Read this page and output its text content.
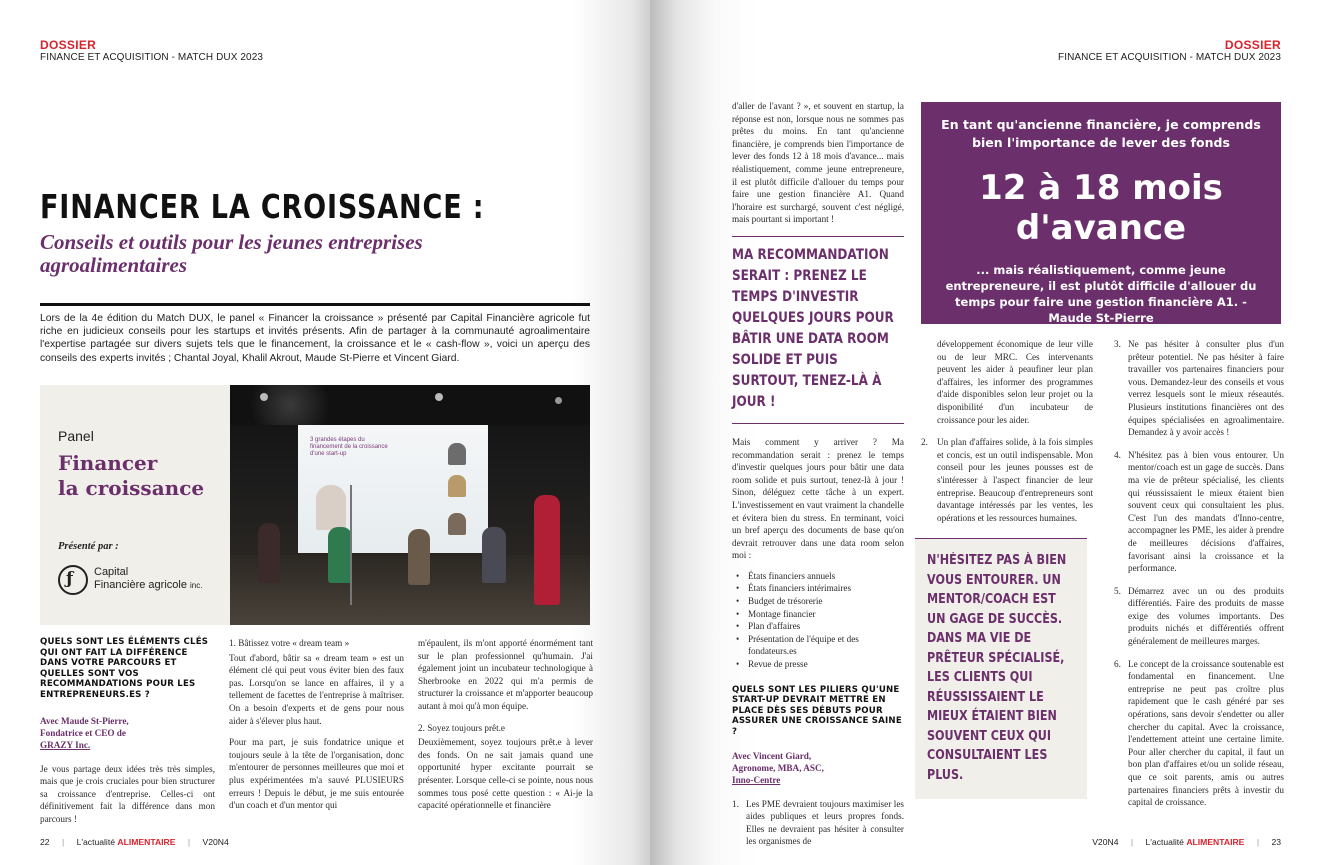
DOSSIER
FINANCE ET ACQUISITION - MATCH DUX 2023
FINANCER LA CROISSANCE :
Conseils et outils pour les jeunes entreprises agroalimentaires
Lors de la 4e édition du Match DUX, le panel « Financer la croissance » présenté par Capital Financière agricole fut riche en judicieux conseils pour les startups et invités présents. Afin de partager à la communauté agroalimentaire l'expertise partagée sur divers sujets tels que le financement, la croissance et le « cash-flow », voici un aperçu des conseils des experts invités ; Chantal Joyal, Khalil Akrout, Maude St-Pierre et Vincent Giard.
Panel
Financer
la croissance
Présenté par :
ƒ Capital
Financière agricole inc.
3 grandes étapes du financement de la croissance d'une start-up
QUELS SONT LES ÉLÉMENTS CLÉS QUI ONT FAIT LA DIFFÉRENCE DANS VOTRE PARCOURS ET QUELLES SONT VOS RECOMMANDATIONS POUR LES ENTREPRENEURS.ES ?
Avec Maude St-Pierre,
Fondatrice et CEO de
GRAZY Inc.
Je vous partage deux idées très très simples, mais que je crois cruciales pour bien structurer sa croissance d'entreprise. Celles-ci ont définitivement fait la différence dans mon parcours !
1. Bâtissez votre « dream team »

Tout d'abord, bâtir sa « dream team » est un élément clé qui peut vous éviter bien des faux pas. Lorsqu'on se lance en affaires, il y a tellement de facettes de l'entreprise à maîtriser. On a besoin d'experts et de gens pour nous aider à s'élever plus haut.

Pour ma part, je suis fondatrice unique et toujours seule à la tête de l'organisation, donc m'entourer de personnes meilleures que moi et plus expérimentées m'a sauvé PLUSIEURS erreurs ! Depuis le début, je me suis entourée d'un coach et d'un mentor qui

m'épaulent, ils m'ont apporté énormément tant sur le plan professionnel qu'humain. J'ai également joint un incubateur technologique à Sherbrooke en 2022 qui m'a permis de structurer la croissance et m'apporter beaucoup autant à moi qu'à mon équipe.

2. Soyez toujours prêt.e

Deuxièmement, soyez toujours prêt.e à lever des fonds. On ne sait jamais quand une opportunité hyper excitante pourrait se présenter. Lorsque celle-ci se pointe, nous nous sommes tous posé cette question : « Ai-je la capacité opérationnelle et financière

22 | L'actualité ALIMENTAIRE | V20N4
DOSSIER
FINANCE ET ACQUISITION - MATCH DUX 2023
d'aller de l'avant ? », et souvent en startup, la réponse est non, lorsque nous ne sommes pas prêtes du moins. En tant qu'ancienne financière, je comprends bien l'importance de lever des fonds 12 à 18 mois d'avance... mais réalistiquement, comme jeune entrepreneure, il est plutôt difficile d'allouer du temps pour faire une gestion financière A1. Quand l'horaire est surchargé, souvent c'est négligé, mais pourtant si important !
MA RECOMMANDATION SERAIT : PRENEZ LE TEMPS D'INVESTIR QUELQUES JOURS POUR BÂTIR UNE DATA ROOM SOLIDE ET PUIS SURTOUT, TENEZ-LÀ À JOUR !
Mais comment y arriver ? Ma recommandation serait : prenez le temps d'investir quelques jours pour bâtir une data room solide et puis surtout, tenez-là à jour ! Sinon, déléguez cette tâche à un expert. L'investissement en vaut vraiment la chandelle et évitera bien du stress. En terminant, voici un bref aperçu des documents de base qu'on devrait retrouver dans une data room selon moi :
• États financiers annuels
• États financiers intérimaires
• Budget de trésorerie
• Montage financier
• Plan d'affaires
• Présentation de l'équipe et des fondateurs.es
• Revue de presse
QUELS SONT LES PILIERS QU'UNE START-UP DEVRAIT METTRE EN PLACE DÈS SES DÉBUTS POUR ASSURER UNE CROISSANCE SAINE ?
Avec Vincent Giard,
Agronome, MBA, ASC,
Inno-Centre
1. Les PME devraient toujours maximiser les aides publiques et leurs propres fonds. Elles ne devraient pas hésiter à consulter les organismes de
En tant qu'ancienne financière, je comprends bien l'importance de lever des fonds
12 à 18 mois
d'avance
... mais réalistiquement, comme jeune entrepreneure, il est plutôt difficile d'allouer du temps pour faire une gestion financière A1. - Maude St-Pierre
développement économique de leur ville ou de leur MRC. Ces intervenants peuvent les aider à peaufiner leur plan d'affaires, les informer des programmes d'aide disponibles selon leur projet ou la disponibilité d'un incubateur de croissance pour les aider.
2. Un plan d'affaires solide, à la fois simples et concis, est un outil indispensable. Mon conseil pour les jeunes pousses est de s'intéresser à l'aspect financier de leur entreprise. Beaucoup d'entrepreneurs sont davantage intéressés par les ventes, les opérations et les ressources humaines.
N'HÉSITEZ PAS À BIEN VOUS ENTOURER. UN MENTOR/COACH EST UN GAGE DE SUCCÈS. DANS MA VIE DE PRÊTEUR SPÉCIALISÉ, LES CLIENTS QUI RÉUSSISSAIENT LE MIEUX ÉTAIENT BIEN SOUVENT CEUX QUI CONSULTAIENT LES PLUS.
3. Ne pas hésiter à consulter plus d'un prêteur potentiel. Ne pas hésiter à faire travailler vos partenaires financiers pour vous. Demandez-leur des conseils et vous verrez lesquels sont le mieux réseautés. Plusieurs institutions financières ont des équipes spécialisées en agroalimentaire. Demandez à y avoir accès !
4. N'hésitez pas à bien vous entourer. Un mentor/coach est un gage de succès. Dans ma vie de prêteur spécialisé, les clients qui réussissaient le mieux étaient bien souvent ceux qui consultaient les plus. C'est l'un des mandats d'Inno-centre, accompagner les PME, les aider à prendre de meilleures décisions d'affaires, favorisant ainsi la croissance et la performance.
5. Démarrez avec un ou des produits différentiés. Faire des produits de masse exige des volumes importants. Des produits nichés et différentiés offrent généralement de meilleures marges.
6. Le concept de la croissance soutenable est fondamental en financement. Une entreprise ne peut pas croître plus rapidement que le cash généré par ses opérations, sans devoir s'endetter ou aller chercher du capital. Avec la croissance, l'endettement atteint une certaine limite. Pour aller chercher du capital, il faut un bon plan d'affaires et/ou un solide réseau, que ce soit parents, amis ou autres partenaires financiers prêts à investir du capital de croissance.
V20N4 | L'actualité ALIMENTAIRE | 23
